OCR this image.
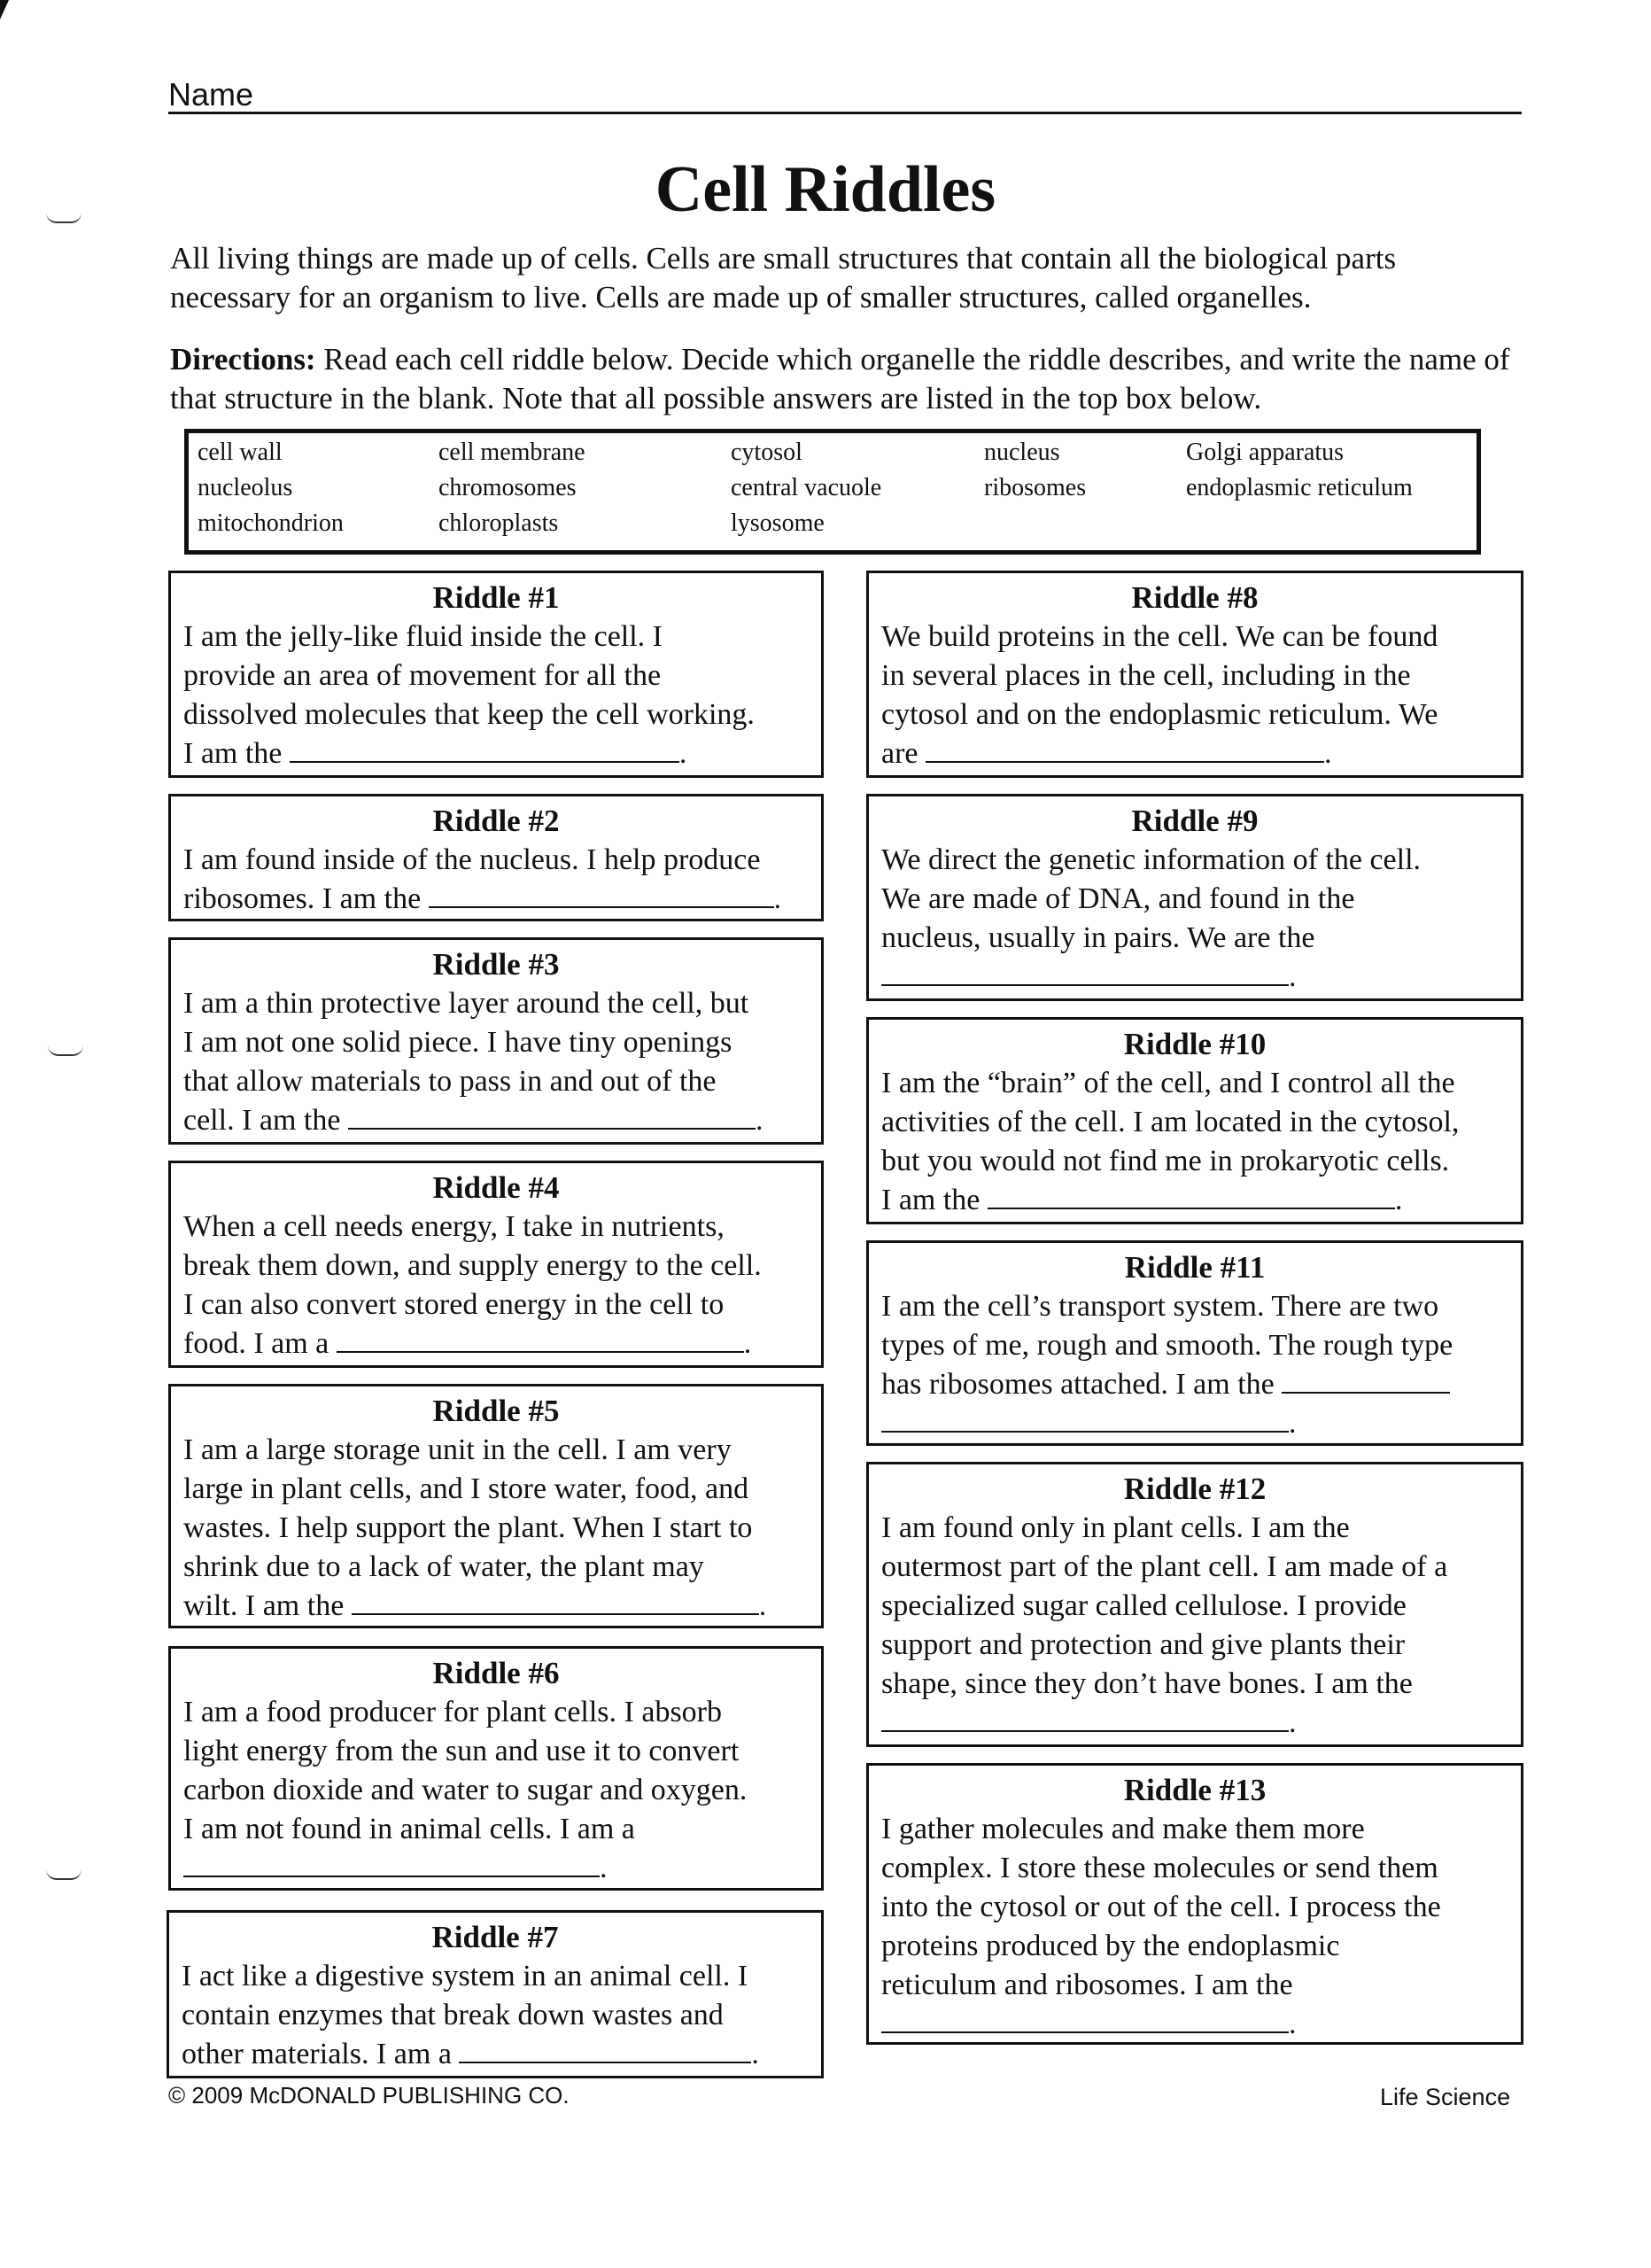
Name
Cell Riddles
All living things are made up of cells. Cells are small structures that contain all the biological parts necessary for an organism to live. Cells are made up of smaller structures, called organelles.
Directions: Read each cell riddle below. Decide which organelle the riddle describes, and write the name of that structure in the blank. Note that all possible answers are listed in the top box below.
cell wall	cell membrane	cytosol	nucleus	Golgi apparatus
nucleolus	chromosomes	central vacuole	ribosomes	endoplasmic reticulum
mitochondrion	chloroplasts	lysosome
Riddle #1
I am the jelly-like fluid inside the cell. I
provide an area of movement for all the
dissolved molecules that keep the cell working.
I am the	.
Riddle #2
I am found inside of the nucleus. I help produce
ribosomes. I am the	.
Riddle #3
I am a thin protective layer around the cell, but
I am not one solid piece. I have tiny openings
that allow materials to pass in and out of the
cell. I am the	.
Riddle #4
When a cell needs energy, I take in nutrients,
break them down, and supply energy to the cell.
I can also convert stored energy in the cell to
food. I am a	.
Riddle #5
I am a large storage unit in the cell. I am very
large in plant cells, and I store water, food, and
wastes. I help support the plant. When I start to
shrink due to a lack of water, the plant may
wilt. I am the	.
Riddle #6
I am a food producer for plant cells. I absorb
light energy from the sun and use it to convert
carbon dioxide and water to sugar and oxygen.
I am not found in animal cells. I am a
.
Riddle #7
I act like a digestive system in an animal cell. I
contain enzymes that break down wastes and
other materials. I am a	.
Riddle #8
We build proteins in the cell. We can be found
in several places in the cell, including in the
cytosol and on the endoplasmic reticulum. We
are	.
Riddle #9
We direct the genetic information of the cell.
We are made of DNA, and found in the
nucleus, usually in pairs. We are the
.
Riddle #10
I am the “brain” of the cell, and I control all the
activities of the cell. I am located in the cytosol,
but you would not find me in prokaryotic cells.
I am the	.
Riddle #11
I am the cell’s transport system. There are two
types of me, rough and smooth. The rough type
has ribosomes attached. I am the
.
Riddle #12
I am found only in plant cells. I am the
outermost part of the plant cell. I am made of a
specialized sugar called cellulose. I provide
support and protection and give plants their
shape, since they don’t have bones. I am the
.
Riddle #13
I gather molecules and make them more
complex. I store these molecules or send them
into the cytosol or out of the cell. I process the
proteins produced by the endoplasmic
reticulum and ribosomes. I am the
.
© 2009 McDONALD PUBLISHING CO.	Life Science
